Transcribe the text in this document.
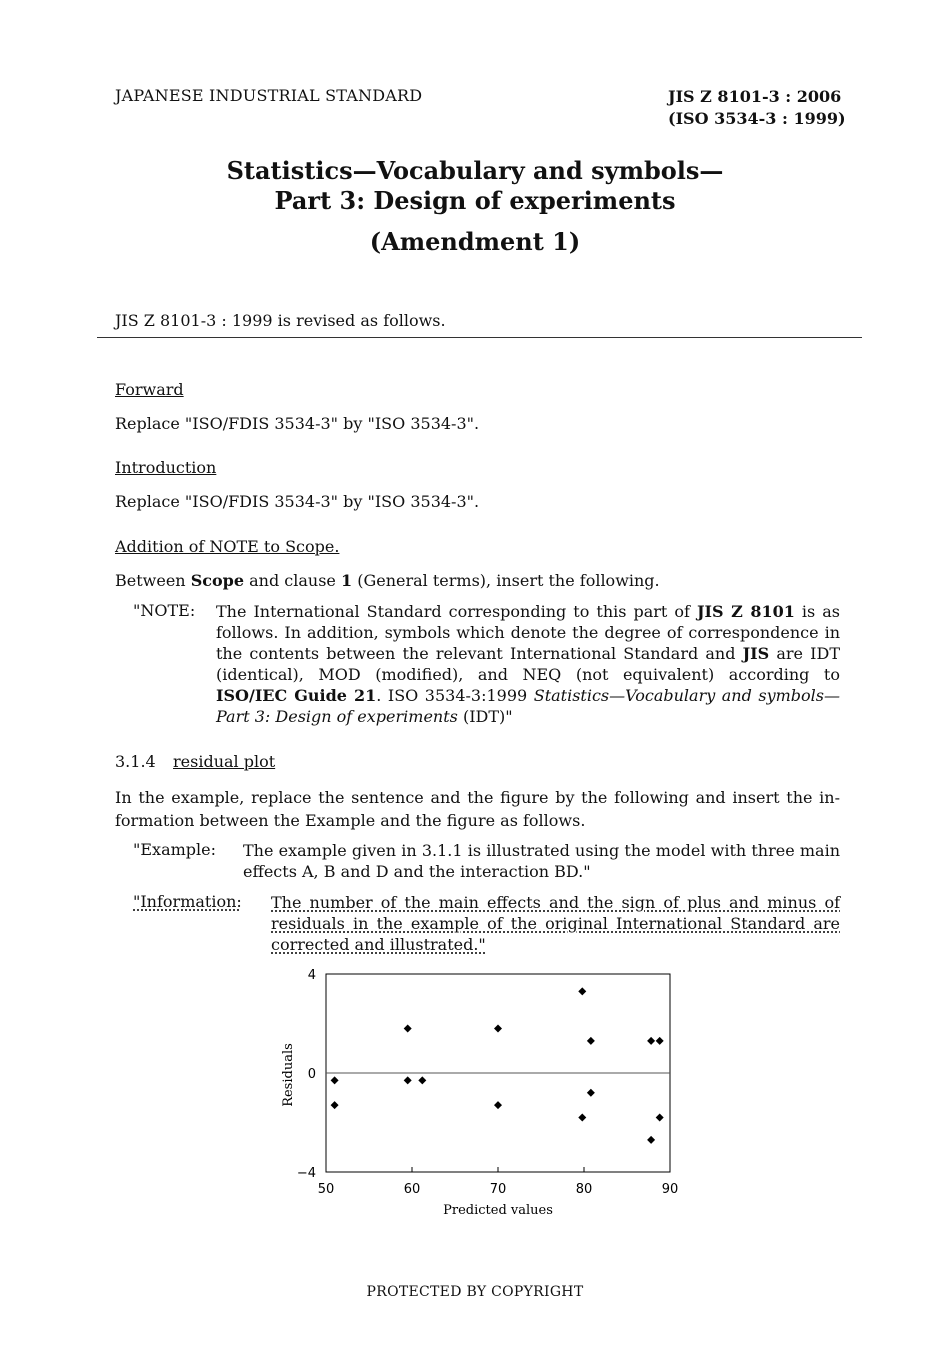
JAPANESE INDUSTRIAL STANDARD	JIS Z 8101-3 : 2006
(ISO 3534-3 : 1999)
Statistics—Vocabulary and symbols—
Part 3: Design of experiments
(Amendment 1)
JIS Z 8101-3 : 1999 is revised as follows.
Forward
Replace "ISO/FDIS 3534-3" by "ISO 3534-3".
Introduction
Replace "ISO/FDIS 3534-3" by "ISO 3534-3".
Addition of NOTE to Scope.
Between Scope and clause 1 (General terms), insert the following.
"NOTE: The International Standard corresponding to this part of JIS Z 8101 is as follows. In addition, symbols which denote the degree of correspondence in the contents between the relevant International Standard and JIS are IDT (identical), MOD (modified), and NEQ (not equivalent) according to ISO/IEC Guide 21. ISO 3534-3:1999 Statistics—Vocabulary and symbols—Part 3: Design of experiments (IDT)"
3.1.4 residual plot
In the example, replace the sentence and the figure by the following and insert the in-formation between the Example and the figure as follows.
"Example: The example given in 3.1.1 is illustrated using the model with three main effects A, B and D and the interaction BD."
"Information: The number of the main effects and the sign of plus and minus of residuals in the example of the original International Standard are corrected and illustrated."
50	60	70	80	90
4
0
−4
Residuals
Predicted values
PROTECTED BY COPYRIGHT
